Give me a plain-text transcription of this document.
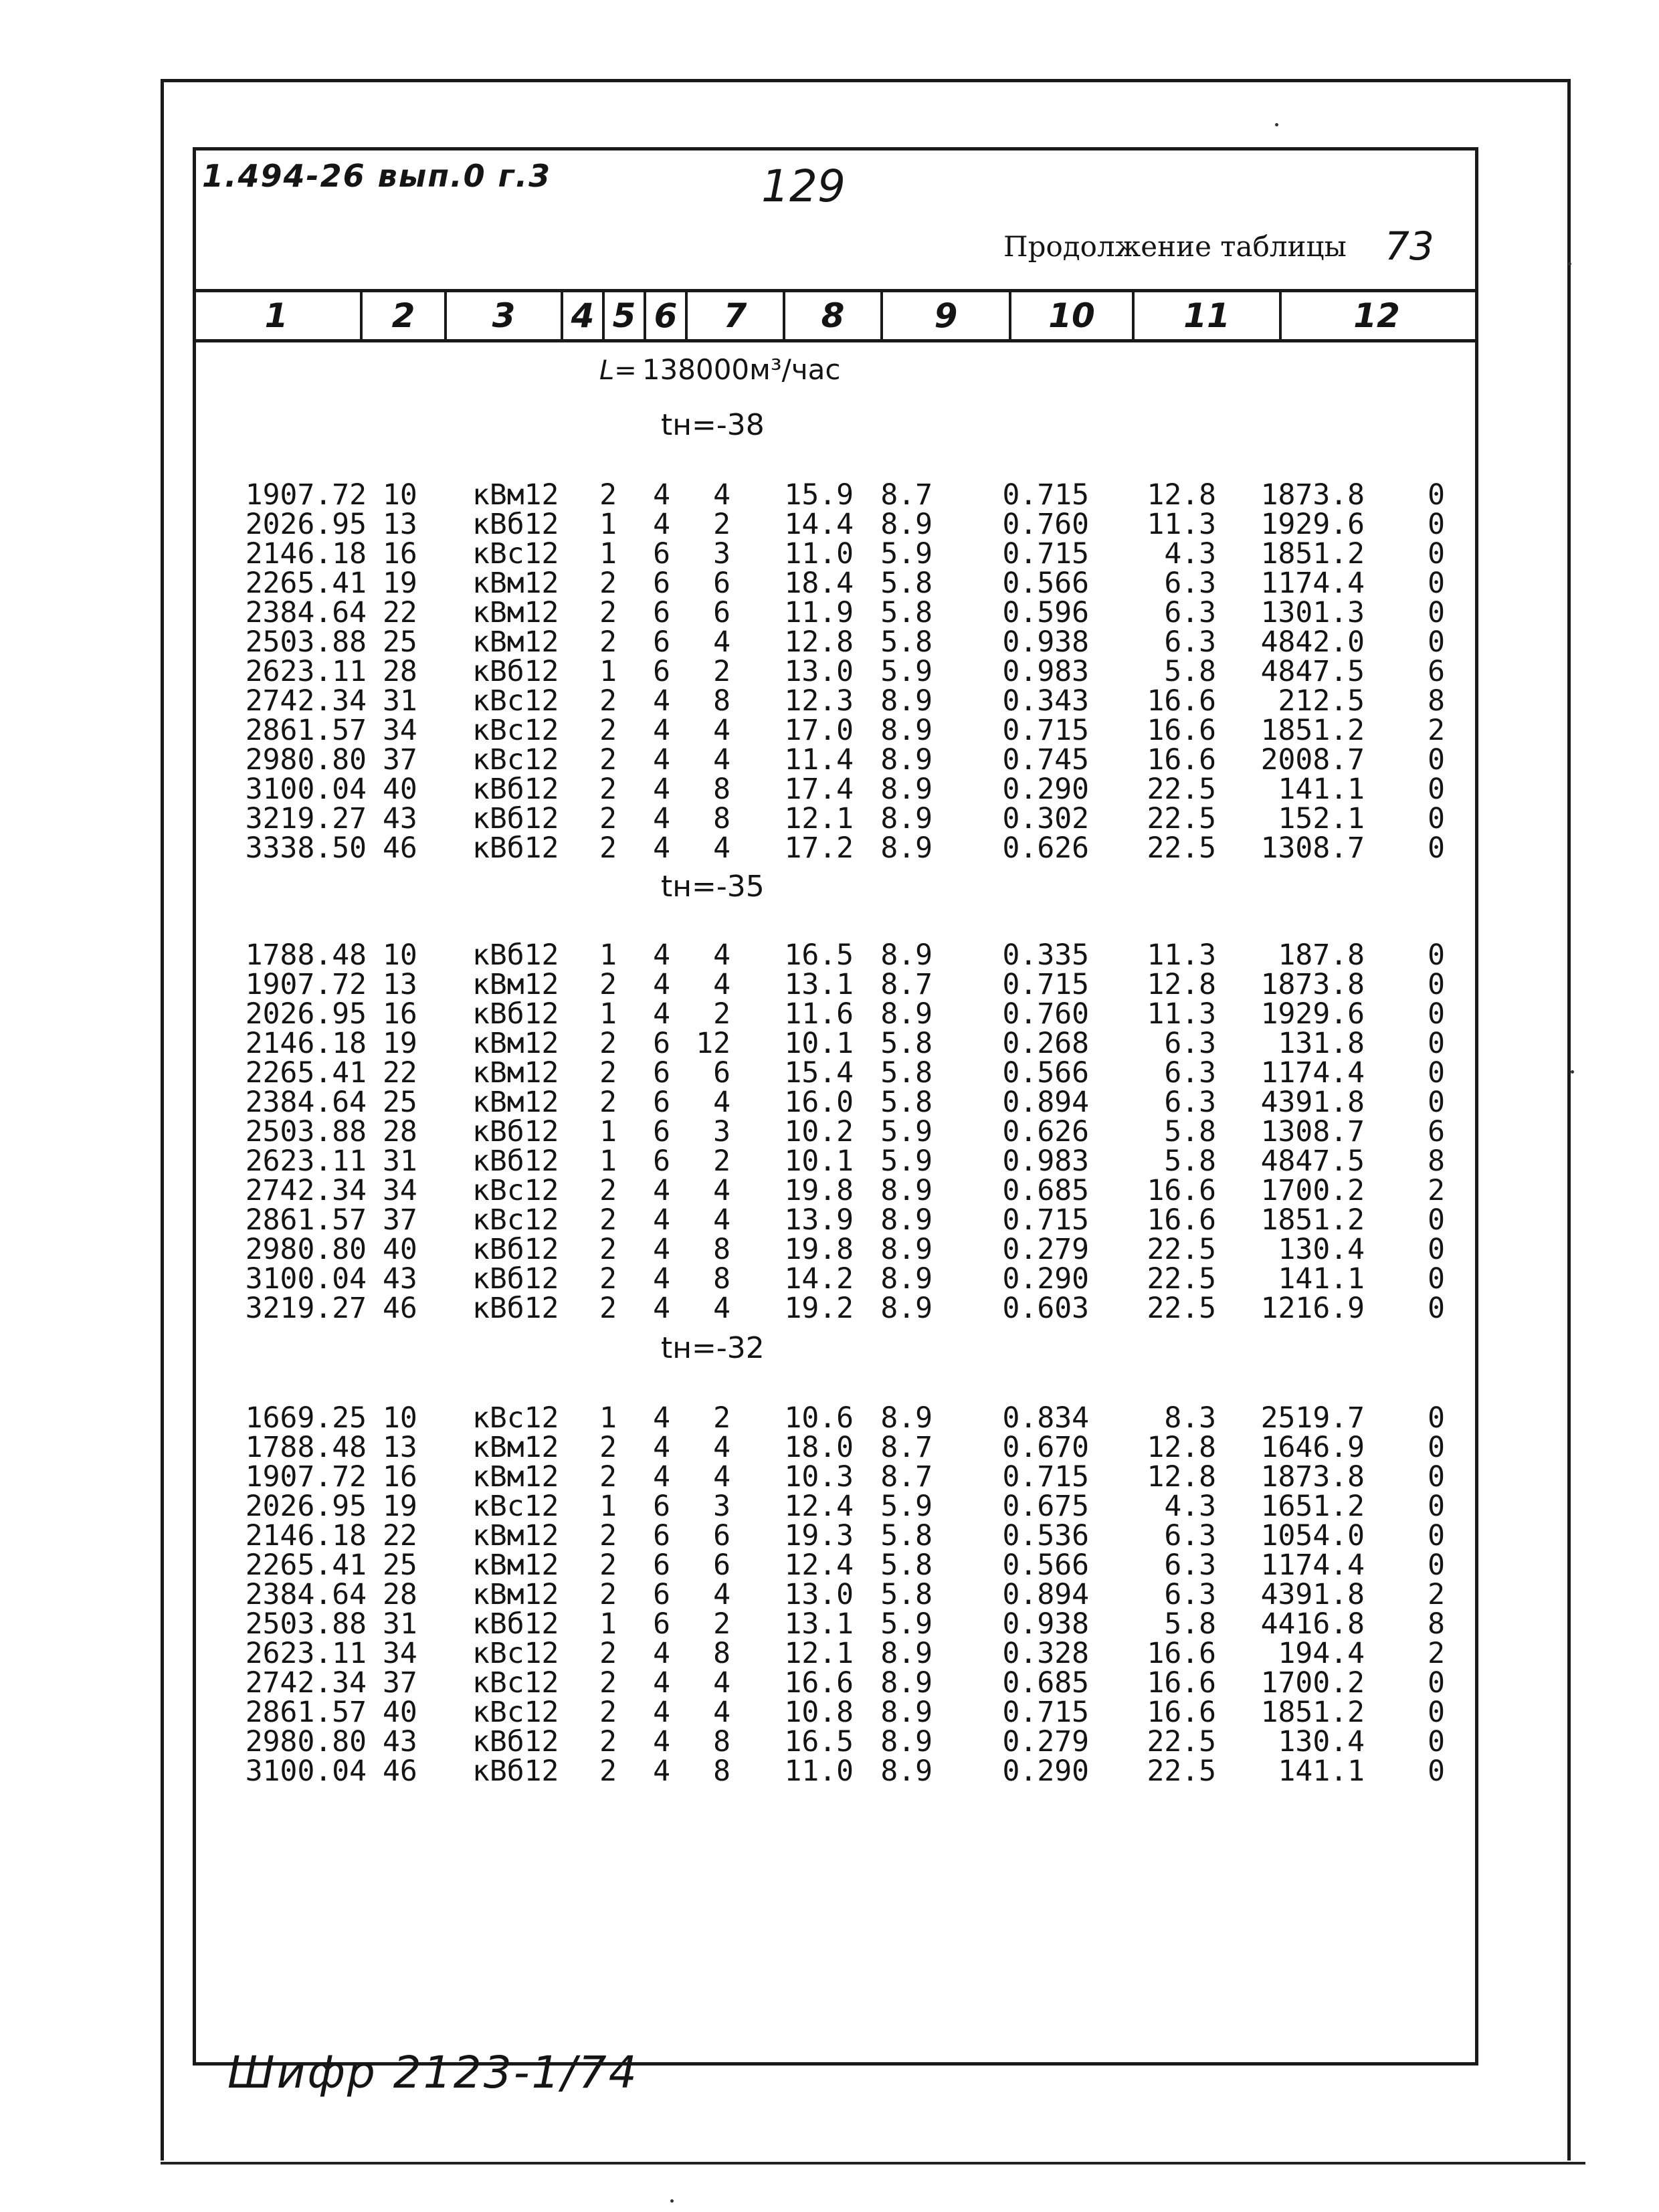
1.494-26 вып.0 г.3	129
Продолжение таблицы 73
1	2	3	4 5 6	7	8	9	10	11	12
L= 138000м³/час
tн=-38
1907.72 10 кВм12 2 4 4 15.9 8.7 0.715 12.8 1873.8 0
2026.95 13 кВб12 1 4 2 14.4 8.9 0.760 11.3 1929.6 0
2146.18 16 кВс12 1 6 3 11.0 5.9 0.715	4.3 1851.2 0
2265.41 19 кВм12 2 6 6 18.4 5.8 0.566	6.3 1174.4 0
2384.64 22 кВм12 2 6 6 11.9 5.8 0.596	6.3 1301.3 0
2503.88 25 кВм12 2 6 4 12.8 5.8 0.938	6.3 4842.0 0
2623.11 28 кВб12 1 6 2 13.0 5.9 0.983	5.8 4847.5 6
2742.34 31 кВс12 2 4 8 12.3 8.9 0.343 16.6 212.5 8
2861.57 34 кВс12 2 4 4 17.0 8.9 0.715 16.6 1851.2 2
2980.80 37 кВс12 2 4 4 11.4 8.9 0.745 16.6 2008.7 0
3100.04 40 кВб12 2 4 8 17.4 8.9 0.290 22.5 141.1 0
3219.27 43 кВб12 2 4 8 12.1 8.9 0.302 22.5 152.1 0
3338.50 46 кВб12 2 4 4 17.2 8.9 0.626 22.5 1308.7 0
tн=-35
1788.48 10 кВб12 1 4 4 16.5 8.9 0.335 11.3 187.8 0
1907.72 13 кВм12 2 4 4 13.1 8.7 0.715 12.8 1873.8 0
2026.95 16 кВб12 1 4 2 11.6 8.9 0.760 11.3 1929.6 0
2146.18 19 кВм12 2 6 12 10.1 5.8 0.268	6.3 131.8 0
2265.41 22 кВм12 2 6 6 15.4 5.8 0.566	6.3 1174.4 0
2384.64 25 кВм12 2 6 4 16.0 5.8 0.894	6.3 4391.8 0
2503.88 28 кВб12 1 6 3 10.2 5.9 0.626	5.8 1308.7 6
2623.11 31 кВб12 1 6 2 10.1 5.9 0.983	5.8 4847.5 8
2742.34 34 кВс12 2 4 4 19.8 8.9 0.685 16.6 1700.2 2
2861.57 37 кВс12 2 4 4 13.9 8.9 0.715 16.6 1851.2 0
2980.80 40 кВб12 2 4 8 19.8 8.9 0.279 22.5 130.4 0
3100.04 43 кВб12 2 4 8 14.2 8.9 0.290 22.5 141.1 0
3219.27 46 кВб12 2 4 4 19.2 8.9 0.603 22.5 1216.9 0
tн=-32
1669.25 10 кВс12 1 4 2 10.6 8.9 0.834	8.3 2519.7 0
1788.48 13 кВм12 2 4 4 18.0 8.7 0.670 12.8 1646.9 0
1907.72 16 кВм12 2 4 4 10.3 8.7 0.715 12.8 1873.8 0
2026.95 19 кВс12 1 6 3 12.4 5.9 0.675	4.3 1651.2 0
2146.18 22 кВм12 2 6 6 19.3 5.8 0.536	6.3 1054.0 0
2265.41 25 кВм12 2 6 6 12.4 5.8 0.566	6.3 1174.4 0
2384.64 28 кВм12 2 6 4 13.0 5.8 0.894	6.3 4391.8 2
2503.88 31 кВб12 1 6 2 13.1 5.9 0.938	5.8 4416.8 8
2623.11 34 кВс12 2 4 8 12.1 8.9 0.328 16.6 194.4 2
2742.34 37 кВс12 2 4 4 16.6 8.9 0.685 16.6 1700.2 0
2861.57 40 кВс12 2 4 4 10.8 8.9 0.715 16.6 1851.2 0
2980.80 43 кВб12 2 4 8 16.5 8.9 0.279 22.5 130.4 0
3100.04 46 кВб12 2 4 8 11.0 8.9 0.290 22.5 141.1 0
Шифр 2123-1/74
